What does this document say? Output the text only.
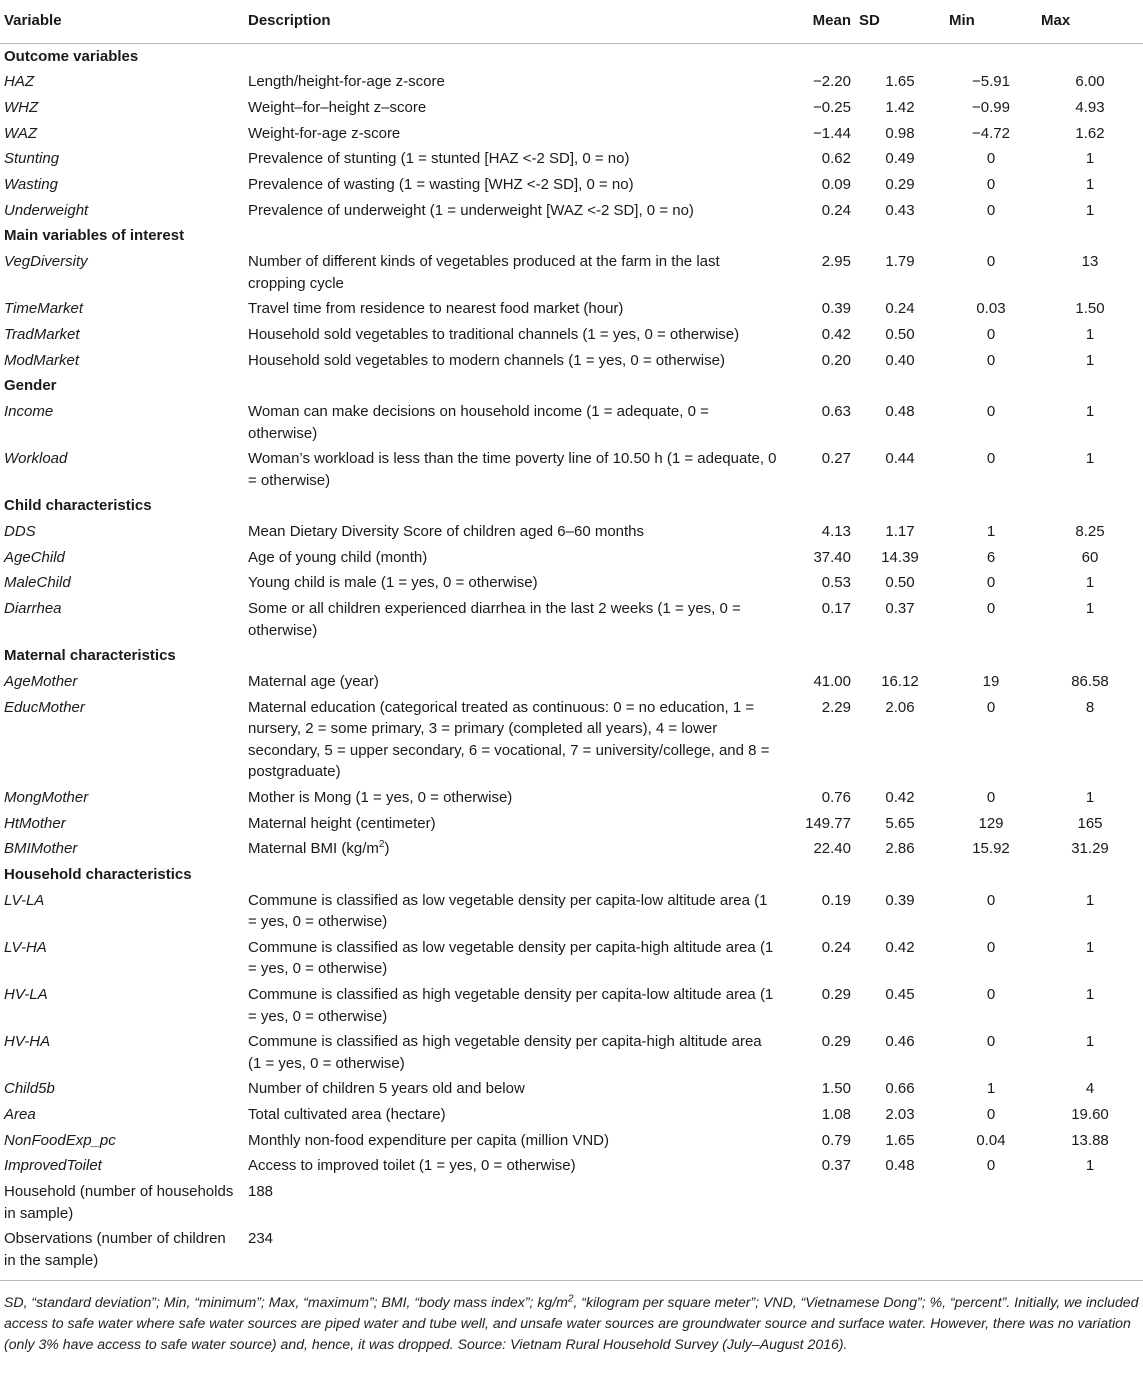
Variable	Description	Mean	SD	Min	Max
Outcome variables					
HAZ	Length/height-for-age z-score	−2.20	1.65	−5.91	6.00
WHZ	Weight–for–height z–score	−0.25	1.42	−0.99	4.93
WAZ	Weight-for-age z-score	−1.44	0.98	−4.72	1.62
Stunting	Prevalence of stunting (1 = stunted [HAZ <-2 SD], 0 = no)	0.62	0.49	0	1
Wasting	Prevalence of wasting (1 = wasting [WHZ <-2 SD], 0 = no)	0.09	0.29	0	1
Underweight	Prevalence of underweight (1 = underweight [WAZ <-2 SD], 0 = no)	0.24	0.43	0	1
Main variables of interest					
VegDiversity	Number of different kinds of vegetables produced at the farm in the last cropping cycle	2.95	1.79	0	13
TimeMarket	Travel time from residence to nearest food market (hour)	0.39	0.24	0.03	1.50
TradMarket	Household sold vegetables to traditional channels (1 = yes, 0 = otherwise)	0.42	0.50	0	1
ModMarket	Household sold vegetables to modern channels (1 = yes, 0 = otherwise)	0.20	0.40	0	1
Gender					
Income	Woman can make decisions on household income (1 = adequate, 0 = otherwise)	0.63	0.48	0	1
Workload	Woman’s workload is less than the time poverty line of 10.50 h (1 = adequate, 0 = otherwise)	0.27	0.44	0	1
Child characteristics					
DDS	Mean Dietary Diversity Score of children aged 6–60 months	4.13	1.17	1	8.25
AgeChild	Age of young child (month)	37.40	14.39	6	60
MaleChild	Young child is male (1 = yes, 0 = otherwise)	0.53	0.50	0	1
Diarrhea	Some or all children experienced diarrhea in the last 2 weeks (1 = yes, 0 = otherwise)	0.17	0.37	0	1
Maternal characteristics					
AgeMother	Maternal age (year)	41.00	16.12	19	86.58
EducMother	Maternal education (categorical treated as continuous: 0 = no education, 1 = nursery, 2 = some primary, 3 = primary (completed all years), 4 = lower secondary, 5 = upper secondary, 6 = vocational, 7 = university/college, and 8 = postgraduate)	2.29	2.06	0	8
MongMother	Mother is Mong (1 = yes, 0 = otherwise)	0.76	0.42	0	1
HtMother	Maternal height (centimeter)	149.77	5.65	129	165
BMIMother	Maternal BMI $(kg/m^2)$	22.40	2.86	15.92	31.29
Household characteristics					
LV-LA	Commune is classified as low vegetable density per capita-low altitude area (1 = yes, 0 = otherwise)	0.19	0.39	0	1
LV-HA	Commune is classified as low vegetable density per capita-high altitude area (1 = yes, 0 = otherwise)	0.24	0.42	0	1
HV-LA	Commune is classified as high vegetable density per capita-low altitude area (1 = yes, 0 = otherwise)	0.29	0.45	0	1
HV-HA	Commune is classified as high vegetable density per capita-high altitude area (1 = yes, 0 = otherwise)	0.29	0.46	0	1
Child5b	Number of children 5 years old and below	1.50	0.66	1	4
Area	Total cultivated area (hectare)	1.08	2.03	0	19.60
NonFoodExp_pc	Monthly non-food expenditure per capita (million VND)	0.79	1.65	0.04	13.88
ImprovedToilet	Access to improved toilet (1 = yes, 0 = otherwise)	0.37	0.48	0	1
Household (number of households in sample)	188				
Observations (number of children in the sample)	234				
SD, “standard deviation”; Min, “minimum”; Max, “maximum”; BMI, “body mass index”; $kg/m^2$, “kilogram per square meter”; VND, “Vietnamese Dong”; %, “percent”. Initially, we included access to safe water where safe water sources are piped water and tube well, and unsafe water sources are groundwater source and surface water. However, there was no variation (only 3% have access to safe water source) and, hence, it was dropped. Source: Vietnam Rural Household Survey (July–August 2016).
